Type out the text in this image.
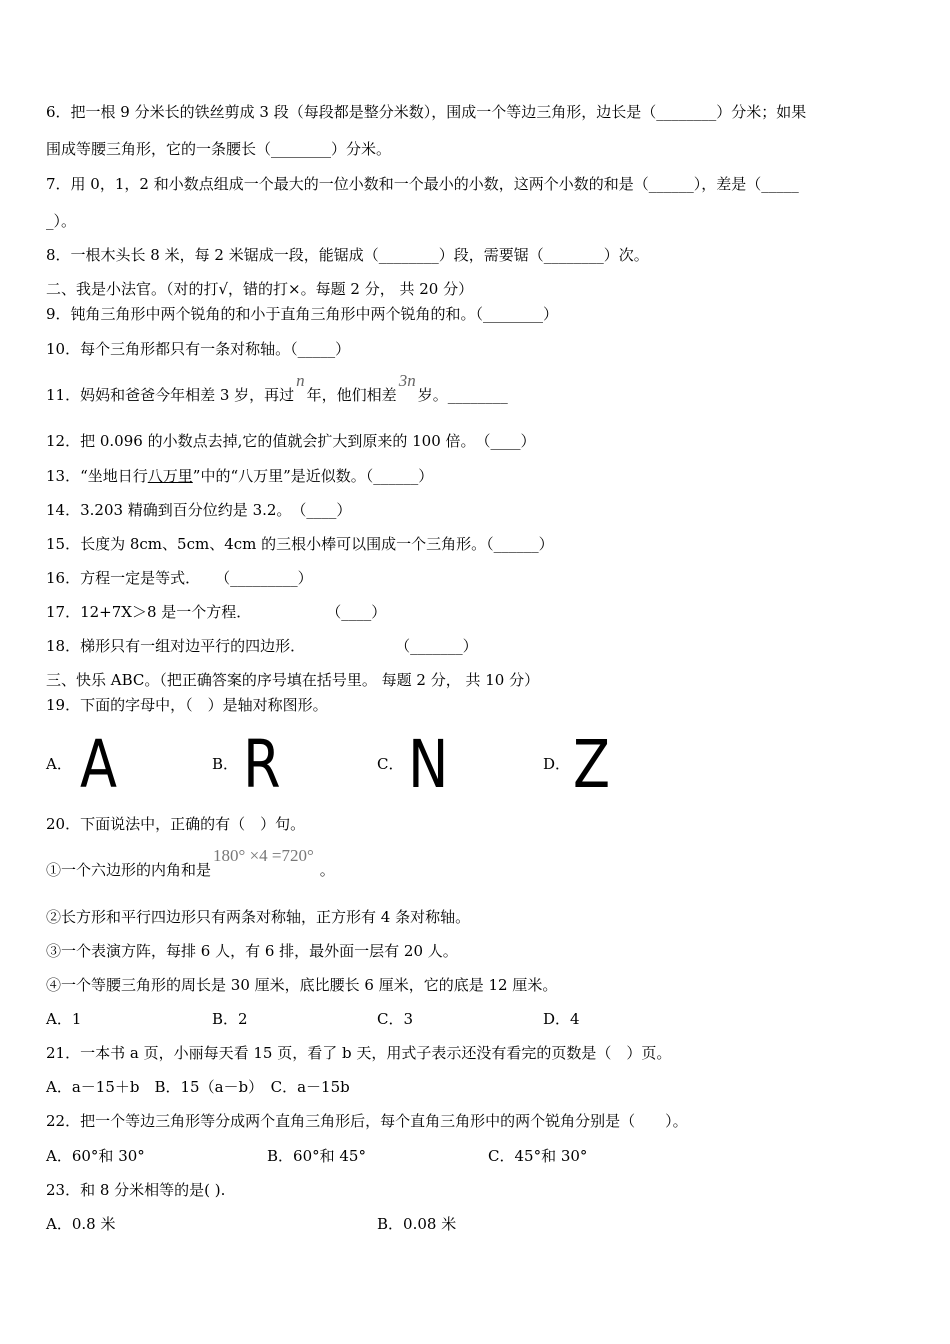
6．把一根 9 分米长的铁丝剪成 3 段（每段都是整分米数），围成一个等边三角形，边长是（________）分米；如果
围成等腰三角形，它的一条腰长（________）分米。
7．用 0，1，2 和小数点组成一个最大的一位小数和一个最小的小数，这两个小数的和是（______），差是（_____
_）。
8．一根木头长 8 米，每 2 米锯成一段，能锯成（________）段，需要锯（________）次。
二、我是小法官。（对的打√，错的打×。每题 2 分， 共 20 分）
9．钝角三角形中两个锐角的和小于直角三角形中两个锐角的和。（________）
10．每个三角形都只有一条对称轴。（_____）
11．妈妈和爸爸今年相差 3 岁，再过n年，他们相差3n岁。________
12．把 0.096 的小数点去掉,它的值就会扩大到原来的 100 倍。　（____）
13．“坐地日行八万里”中的“八万里”是近似数。（______）
14．3.203 精确到百分位约是 3.2。　（____）
15．长度为 8cm、5cm、4cm 的三根小棒可以围成一个三角形。（______）
16．方程一定是等式．　　（_________）
17．12+7X＞8 是一个方程．　　　　　　（____）
18．梯形只有一组对边平行的四边形．　　　　　　　（_______）
三、快乐 ABC。（把正确答案的序号填在括号里。 每题 2 分， 共 10 分）
19．下面的字母中，（　）是轴对称图形。
A． A	B． R	C． N	D． Z
20．下面说法中，正确的有（　）句。
①一个六边形的内角和是180° ×4 =720°。
②长方形和平行四边形只有两条对称轴，正方形有 4 条对称轴。
③一个表演方阵，每排 6 人，有 6 排，最外面一层有 20 人。
④一个等腰三角形的周长是 30 厘米，底比腰长 6 厘米，它的底是 12 厘米。
A．1	B．2	C．3	D．4
21．一本书 a 页，小丽每天看 15 页，看了 b 天，用式子表示还没有看完的页数是（　）页。
A．a－15＋b　B．15（a－b）　C．a－15b
22．把一个等边三角形等分成两个直角三角形后，每个直角三角形中的两个锐角分别是（　　）。
A．60°和 30°	B．60°和 45°	C．45°和 30°
23．和 8 分米相等的是( ).
A．0.8 米	B．0.08 米
